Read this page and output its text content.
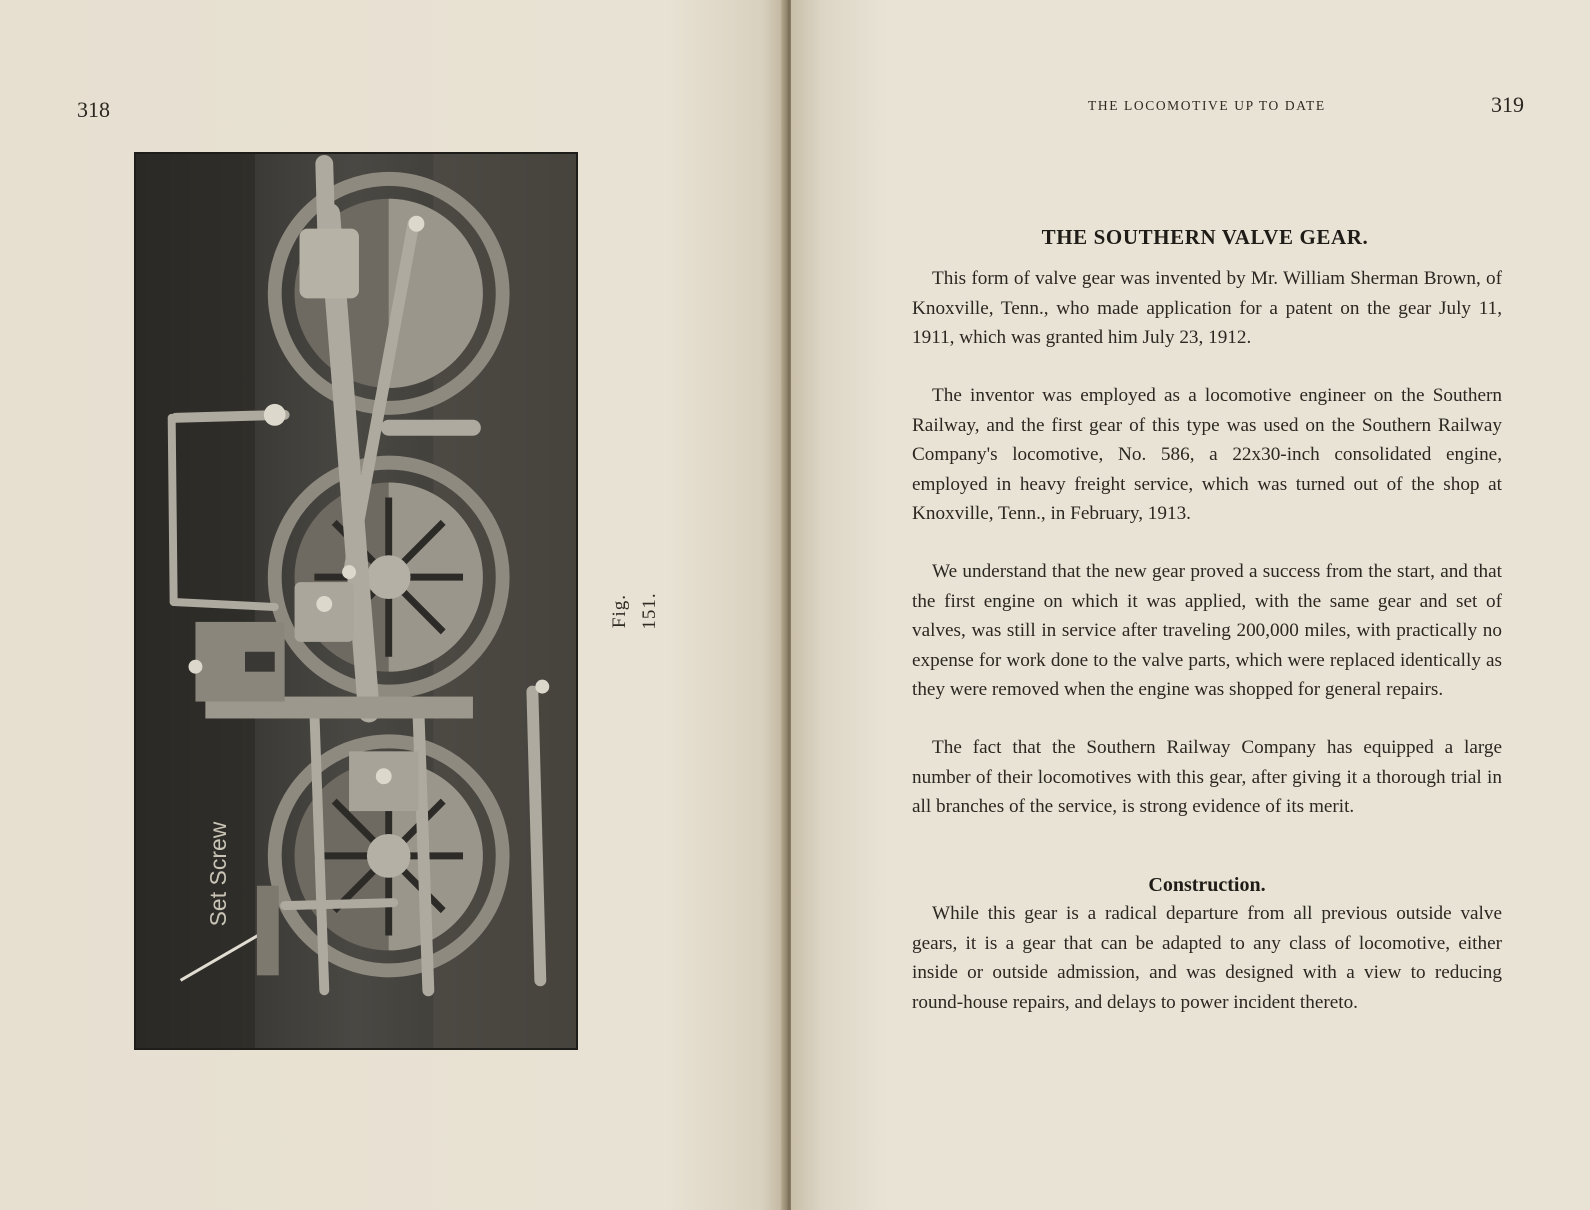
318
Set Screw
Fig. 151.
THE LOCOMOTIVE UP TO DATE	319
THE SOUTHERN VALVE GEAR.

This form of valve gear was invented by Mr. William Sherman Brown, of Knoxville, Tenn., who made application for a patent on the gear July 11, 1911, which was granted him July 23, 1912.

The inventor was employed as a locomotive engineer on the Southern Railway, and the first gear of this type was used on the Southern Railway Company's locomotive, No. 586, a 22x30-inch consolidated engine, employed in heavy freight service, which was turned out of the shop at Knoxville, Tenn., in February, 1913.

We understand that the new gear proved a success from the start, and that the first engine on which it was applied, with the same gear and set of valves, was still in service after traveling 200,000 miles, with practically no expense for work done to the valve parts, which were replaced identically as they were removed when the engine was shopped for general repairs.

The fact that the Southern Railway Company has equipped a large number of their locomotives with this gear, after giving it a thorough trial in all branches of the service, is strong evidence of its merit.

Construction.

While this gear is a radical departure from all previous outside valve gears, it is a gear that can be adapted to any class of locomotive, either inside or outside admission, and was designed with a view to reducing round-house repairs, and delays to power incident thereto.
